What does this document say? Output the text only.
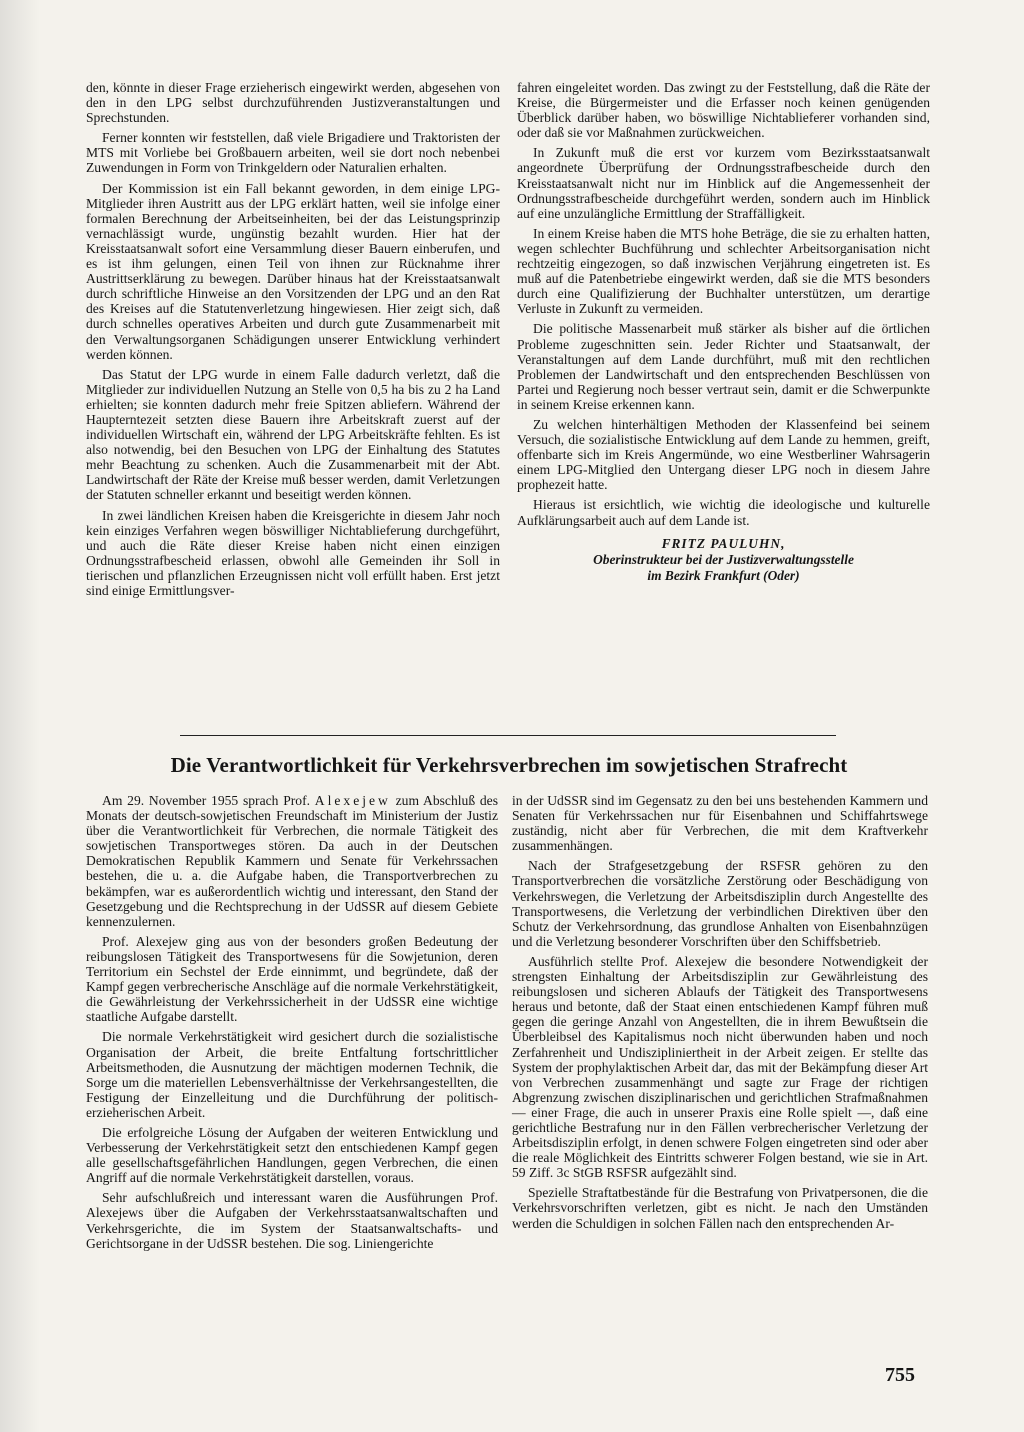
den, könnte in dieser Frage erzieherisch eingewirkt werden, abgesehen von den in den LPG selbst durchzuführenden Justizveranstaltungen und Sprechstunden.

Ferner konnten wir feststellen, daß viele Brigadiere und Traktoristen der MTS mit Vorliebe bei Großbauern arbeiten, weil sie dort noch nebenbei Zuwendungen in Form von Trinkgeldern oder Naturalien erhalten.

Der Kommission ist ein Fall bekannt geworden, in dem einige LPG-Mitglieder ihren Austritt aus der LPG erklärt hatten, weil sie infolge einer formalen Berechnung der Arbeitseinheiten, bei der das Leistungsprinzip vernachlässigt wurde, ungünstig bezahlt wurden. Hier hat der Kreisstaatsanwalt sofort eine Versammlung dieser Bauern einberufen, und es ist ihm gelungen, einen Teil von ihnen zur Rücknahme ihrer Austrittserklärung zu bewegen. Darüber hinaus hat der Kreisstaatsanwalt durch schriftliche Hinweise an den Vorsitzenden der LPG und an den Rat des Kreises auf die Statutenverletzung hingewiesen. Hier zeigt sich, daß durch schnelles operatives Arbeiten und durch gute Zusammenarbeit mit den Verwaltungsorganen Schädigungen unserer Entwicklung verhindert werden können.

Das Statut der LPG wurde in einem Falle dadurch verletzt, daß die Mitglieder zur individuellen Nutzung an Stelle von 0,5 ha bis zu 2 ha Land erhielten; sie konnten dadurch mehr freie Spitzen abliefern. Während der Haupterntezeit setzten diese Bauern ihre Arbeitskraft zuerst auf der individuellen Wirtschaft ein, während der LPG Arbeitskräfte fehlten. Es ist also notwendig, bei den Besuchen von LPG der Einhaltung des Statutes mehr Beachtung zu schenken. Auch die Zusammenarbeit mit der Abt. Landwirtschaft der Räte der Kreise muß besser werden, damit Verletzungen der Statuten schneller erkannt und beseitigt werden können.

In zwei ländlichen Kreisen haben die Kreisgerichte in diesem Jahr noch kein einziges Verfahren wegen böswilliger Nichtablieferung durchgeführt, und auch die Räte dieser Kreise haben nicht einen einzigen Ordnungsstrafbescheid erlassen, obwohl alle Gemeinden ihr Soll in tierischen und pflanzlichen Erzeugnissen nicht voll erfüllt haben. Erst jetzt sind einige Ermittlungsver-

fahren eingeleitet worden. Das zwingt zu der Feststellung, daß die Räte der Kreise, die Bürgermeister und die Erfasser noch keinen genügenden Überblick darüber haben, wo böswillige Nichtablieferer vorhanden sind, oder daß sie vor Maßnahmen zurückweichen.

In Zukunft muß die erst vor kurzem vom Bezirksstaatsanwalt angeordnete Überprüfung der Ordnungsstrafbescheide durch den Kreisstaatsanwalt nicht nur im Hinblick auf die Angemessenheit der Ordnungsstrafbescheide durchgeführt werden, sondern auch im Hinblick auf eine unzulängliche Ermittlung der Straffälligkeit.

In einem Kreise haben die MTS hohe Beträge, die sie zu erhalten hatten, wegen schlechter Buchführung und schlechter Arbeitsorganisation nicht rechtzeitig eingezogen, so daß inzwischen Verjährung eingetreten ist. Es muß auf die Patenbetriebe eingewirkt werden, daß sie die MTS besonders durch eine Qualifizierung der Buchhalter unterstützen, um derartige Verluste in Zukunft zu vermeiden.

Die politische Massenarbeit muß stärker als bisher auf die örtlichen Probleme zugeschnitten sein. Jeder Richter und Staatsanwalt, der Veranstaltungen auf dem Lande durchführt, muß mit den rechtlichen Problemen der Landwirtschaft und den entsprechenden Beschlüssen von Partei und Regierung noch besser vertraut sein, damit er die Schwerpunkte in seinem Kreise erkennen kann.

Zu welchen hinterhältigen Methoden der Klassenfeind bei seinem Versuch, die sozialistische Entwicklung auf dem Lande zu hemmen, greift, offenbarte sich im Kreis Angermünde, wo eine Westberliner Wahrsagerin einem LPG-Mitglied den Untergang dieser LPG noch in diesem Jahre prophezeit hatte.

Hieraus ist ersichtlich, wie wichtig die ideologische und kulturelle Aufklärungsarbeit auch auf dem Lande ist.

FRITZ PAULUHN,
Oberinstrukteur bei der Justizverwaltungsstelle
im Bezirk Frankfurt (Oder)
Die Verantwortlichkeit für Verkehrsverbrechen im sowjetischen Strafrecht

Am 29. November 1955 sprach Prof. Alexejew zum Abschluß des Monats der deutsch-sowjetischen Freundschaft im Ministerium der Justiz über die Verantwortlichkeit für Verbrechen, die normale Tätigkeit des sowjetischen Transportweges stören. Da auch in der Deutschen Demokratischen Republik Kammern und Senate für Verkehrssachen bestehen, die u. a. die Aufgabe haben, die Transportverbrechen zu bekämpfen, war es außerordentlich wichtig und interessant, den Stand der Gesetzgebung und die Rechtsprechung in der UdSSR auf diesem Gebiete kennenzulernen.

Prof. Alexejew ging aus von der besonders großen Bedeutung der reibungslosen Tätigkeit des Transportwesens für die Sowjetunion, deren Territorium ein Sechstel der Erde einnimmt, und begründete, daß der Kampf gegen verbrecherische Anschläge auf die normale Verkehrstätigkeit, die Gewährleistung der Verkehrssicherheit in der UdSSR eine wichtige staatliche Aufgabe darstellt.

Die normale Verkehrstätigkeit wird gesichert durch die sozialistische Organisation der Arbeit, die breite Entfaltung fortschrittlicher Arbeitsmethoden, die Ausnutzung der mächtigen modernen Technik, die Sorge um die materiellen Lebensverhältnisse der Verkehrsangestellten, die Festigung der Einzelleitung und die Durchführung der politisch-erzieherischen Arbeit.

Die erfolgreiche Lösung der Aufgaben der weiteren Entwicklung und Verbesserung der Verkehrstätigkeit setzt den entschiedenen Kampf gegen alle gesellschaftsgefährlichen Handlungen, gegen Verbrechen, die einen Angriff auf die normale Verkehrstätigkeit darstellen, voraus.

Sehr aufschlußreich und interessant waren die Ausführungen Prof. Alexejews über die Aufgaben der Verkehrsstaatsanwaltschaften und Verkehrsgerichte, die im System der Staatsanwaltschafts- und Gerichtsorgane in der UdSSR bestehen. Die sog. Liniengerichte

in der UdSSR sind im Gegensatz zu den bei uns bestehenden Kammern und Senaten für Verkehrssachen nur für Eisenbahnen und Schiffahrtswege zuständig, nicht aber für Verbrechen, die mit dem Kraftverkehr zusammenhängen.

Nach der Strafgesetzgebung der RSFSR gehören zu den Transportverbrechen die vorsätzliche Zerstörung oder Beschädigung von Verkehrswegen, die Verletzung der Arbeitsdisziplin durch Angestellte des Transportwesens, die Verletzung der verbindlichen Direktiven über den Schutz der Verkehrsordnung, das grundlose Anhalten von Eisenbahnzügen und die Verletzung besonderer Vorschriften über den Schiffsbetrieb.

Ausführlich stellte Prof. Alexejew die besondere Notwendigkeit der strengsten Einhaltung der Arbeitsdisziplin zur Gewährleistung des reibungslosen und sicheren Ablaufs der Tätigkeit des Transportwesens heraus und betonte, daß der Staat einen entschiedenen Kampf führen muß gegen die geringe Anzahl von Angestellten, die in ihrem Bewußtsein die Überbleibsel des Kapitalismus noch nicht überwunden haben und noch Zerfahrenheit und Undiszipliniertheit in der Arbeit zeigen. Er stellte das System der prophylaktischen Arbeit dar, das mit der Bekämpfung dieser Art von Verbrechen zusammenhängt und sagte zur Frage der richtigen Abgrenzung zwischen disziplinarischen und gerichtlichen Strafmaßnahmen — einer Frage, die auch in unserer Praxis eine Rolle spielt —, daß eine gerichtliche Bestrafung nur in den Fällen verbrecherischer Verletzung der Arbeitsdisziplin erfolgt, in denen schwere Folgen eingetreten sind oder aber die reale Möglichkeit des Eintritts schwerer Folgen bestand, wie sie in Art. 59 Ziff. 3c StGB RSFSR aufgezählt sind.

Spezielle Straftatbestände für die Bestrafung von Privatpersonen, die die Verkehrsvorschriften verletzen, gibt es nicht. Je nach den Umständen werden die Schuldigen in solchen Fällen nach den entsprechenden Ar-

755
